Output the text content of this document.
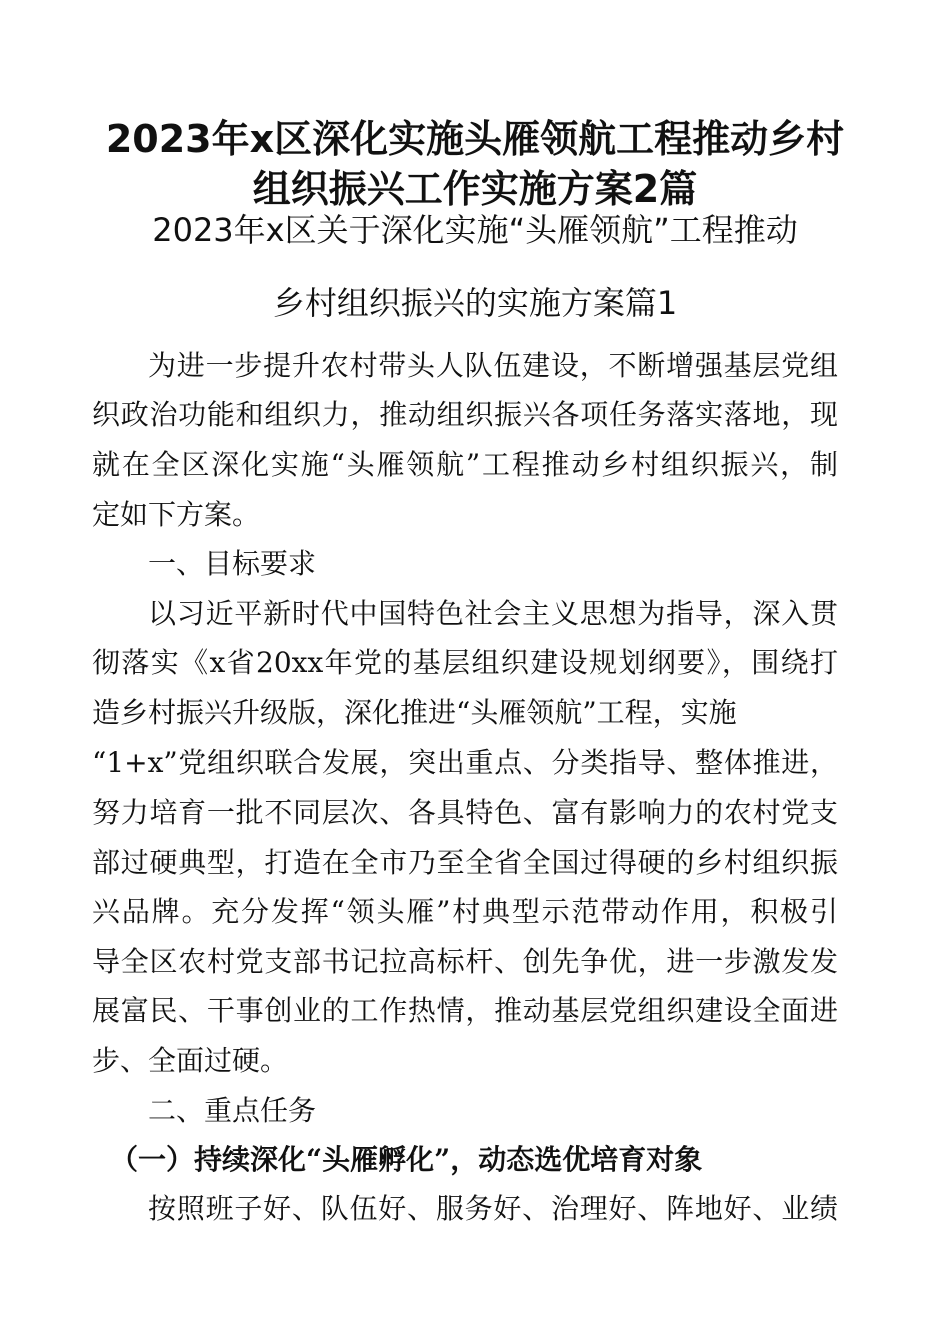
2023年x区深化实施头雁领航工程推动乡村
组织振兴工作实施方案2篇
2023年x区关于深化实施“头雁领航”工程推动
乡村组织振兴的实施方案篇1
为进一步提升农村带头人队伍建设，不断增强基层党组
织政治功能和组织力，推动组织振兴各项任务落实落地，现
就在全区深化实施“头雁领航”工程推动乡村组织振兴，制
定如下方案。
一、目标要求
以习近平新时代中国特色社会主义思想为指导，深入贯
彻落实《x省20xx年党的基层组织建设规划纲要》，围绕打
造乡村振兴升级版，深化推进“头雁领航”工程，实施
“1+x”党组织联合发展，突出重点、分类指导、整体推进，
努力培育一批不同层次、各具特色、富有影响力的农村党支
部过硬典型，打造在全市乃至全省全国过得硬的乡村组织振
兴品牌。充分发挥“领头雁”村典型示范带动作用，积极引
导全区农村党支部书记拉高标杆、创先争优，进一步激发发
展富民、干事创业的工作热情，推动基层党组织建设全面进
步、全面过硬。
二、重点任务
（一）持续深化“头雁孵化”，动态选优培育对象
按照班子好、队伍好、服务好、治理好、阵地好、业绩
